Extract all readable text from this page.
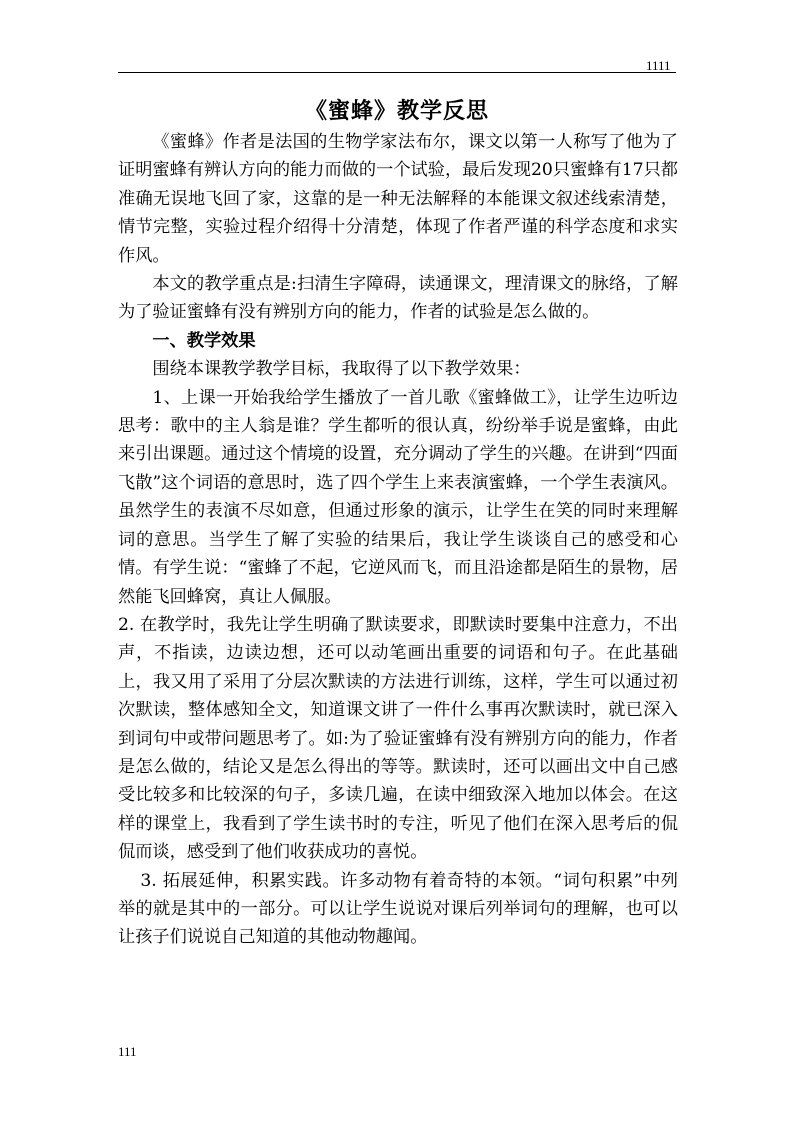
1111
《蜜蜂》教学反思

《蜜蜂》作者是法国的生物学家法布尔，课文以第一人称写了他为了证明蜜蜂有辨认方向的能力而做的一个试验，最后发现20只蜜蜂有17只都准确无误地飞回了家，这靠的是一种无法解释的本能课文叙述线索清楚，情节完整，实验过程介绍得十分清楚，体现了作者严谨的科学态度和求实作风。

本文的教学重点是:扫清生字障碍，读通课文，理清课文的脉络，了解为了验证蜜蜂有没有辨别方向的能力，作者的试验是怎么做的。

一、教学效果

围绕本课教学教学目标，我取得了以下教学效果：

1、上课一开始我给学生播放了一首儿歌《蜜蜂做工》，让学生边听边思考：歌中的主人翁是谁？学生都听的很认真，纷纷举手说是蜜蜂，由此来引出课题。通过这个情境的设置，充分调动了学生的兴趣。在讲到“四面飞散”这个词语的意思时，选了四个学生上来表演蜜蜂，一个学生表演风。虽然学生的表演不尽如意，但通过形象的演示，让学生在笑的同时来理解词的意思。当学生了解了实验的结果后，我让学生谈谈自己的感受和心情。有学生说：“蜜蜂了不起，它逆风而飞，而且沿途都是陌生的景物，居然能飞回蜂窝，真让人佩服。

2. 在教学时，我先让学生明确了默读要求，即默读时要集中注意力，不出声，不指读，边读边想，还可以动笔画出重要的词语和句子。在此基础上，我又用了采用了分层次默读的方法进行训练，这样，学生可以通过初次默读，整体感知全文，知道课文讲了一件什么事再次默读时，就已深入到词句中或带问题思考了。如:为了验证蜜蜂有没有辨别方向的能力，作者是怎么做的，结论又是怎么得出的等等。默读时，还可以画出文中自己感受比较多和比较深的句子，多读几遍，在读中细致深入地加以体会。在这样的课堂上，我看到了学生读书时的专注，听见了他们在深入思考后的侃侃而谈，感受到了他们收获成功的喜悦。

3. 拓展延伸，积累实践。许多动物有着奇特的本领。“词句积累”中列举的就是其中的一部分。可以让学生说说对课后列举词句的理解，也可以让孩子们说说自己知道的其他动物趣闻。

111
